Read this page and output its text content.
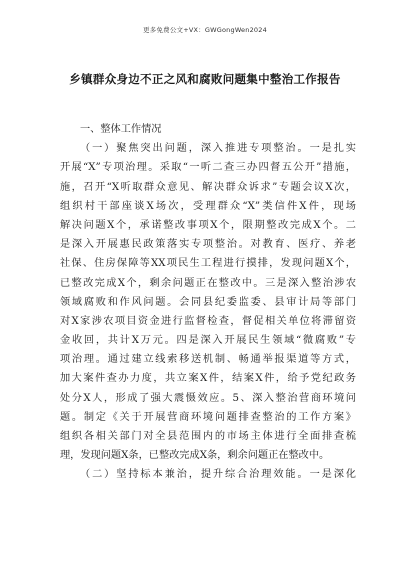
更多免费公文+VX：GWGongWen2024
乡镇群众身边不正之风和腐败问题集中整治工作报告
一、整体工作情况
（一）聚焦突出问题，深入推进专项整治。一是扎实
开展“X”专项治理。采取“一听二查三办四督五公开”措施，
施，召开“X听取群众意见、解决群众诉求”专题会议X次，
组织村干部座谈X场次，受理群众“X”类信件X件，现场
解决问题X个，承诺整改事项X个，限期整改完成X个。二
是深入开展惠民政策落实专项整治。对教育、医疗、养老
社保、住房保障等XX项民生工程进行摸排，发现问题X个，
已整改完成X个，剩余问题正在整改中。三是深入整治涉农
领域腐败和作风问题。会同县纪委监委、县审计局等部门
对X家涉农项目资金进行监督检查，督促相关单位将滞留资
金收回，共计X万元。四是深入开展民生领域“微腐败”专
项治理。通过建立线索移送机制、畅通举报渠道等方式，
加大案件查办力度，共立案X件，结案X件，给予党纪政务
处分X人，形成了强大震慑效应。5、深入整治营商环境问
题。制定《关于开展营商环境问题排查整治的工作方案》
组织各相关部门对全县范围内的市场主体进行全面排查梳
理，发现问题X条，已整改完成X条，剩余问题正在整改中。
（二）坚持标本兼治，提升综合治理效能。一是深化
